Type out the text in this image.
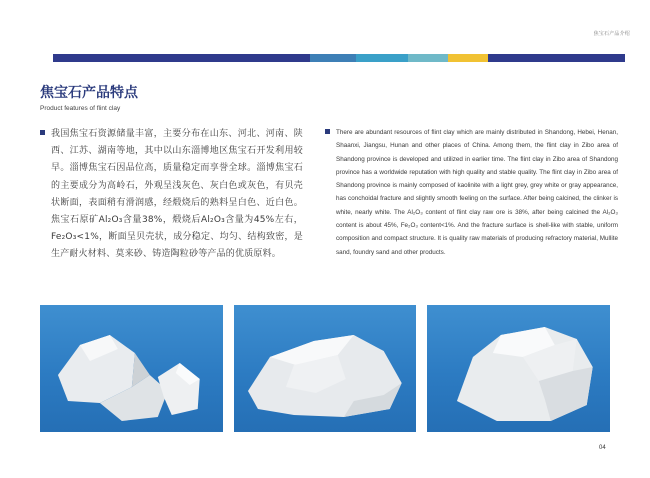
焦宝石产品介绍
焦宝石产品特点
Product features of flint clay

我国焦宝石资源储量丰富，主要分布在山东、河北、河南、陕西、江苏、湖南等地，其中以山东淄博地区焦宝石开发利用较早。淄博焦宝石因品位高，质量稳定而享誉全球。淄博焦宝石的主要成分为高岭石，外观呈浅灰色、灰白色或灰色，有贝壳状断面，表面稍有滑润感，经煅烧后的熟料呈白色、近白色。焦宝石原矿Al₂O₃含量38%，煅烧后Al₂O₃含量为45%左右，Fe₂O₃<1%，断面呈贝壳状，成分稳定、均匀、结构致密，是生产耐火材料、莫来砂、铸造陶粒砂等产品的优质原料。

There are abundant resources of flint clay which are mainly distributed in Shandong, Hebei, Henan, Shaanxi, Jiangsu, Hunan and other places of China. Among them, the flint clay in Zibo area of Shandong province is developed and utilized in earlier time. The flint clay in Zibo area of Shandong province has a worldwide reputation with high quality and stable quality. The flint clay in Zibo area of Shandong province is mainly composed of kaolinite with a light grey, grey white or gray appearance, has conchoidal fracture and slightly smooth feeling on the surface. After being calcined, the clinker is white, nearly white. The Al₂O₃ content of flint clay raw ore is 38%, after being calcined the Al₂O₃ content is about 45%, Fe₂O₃ content<1%. And the fracture surface is shell-like with stable, uniform composition and compact structure. It is quality raw materials of producing refractory material, Mullite sand, foundry sand and other products.

04
